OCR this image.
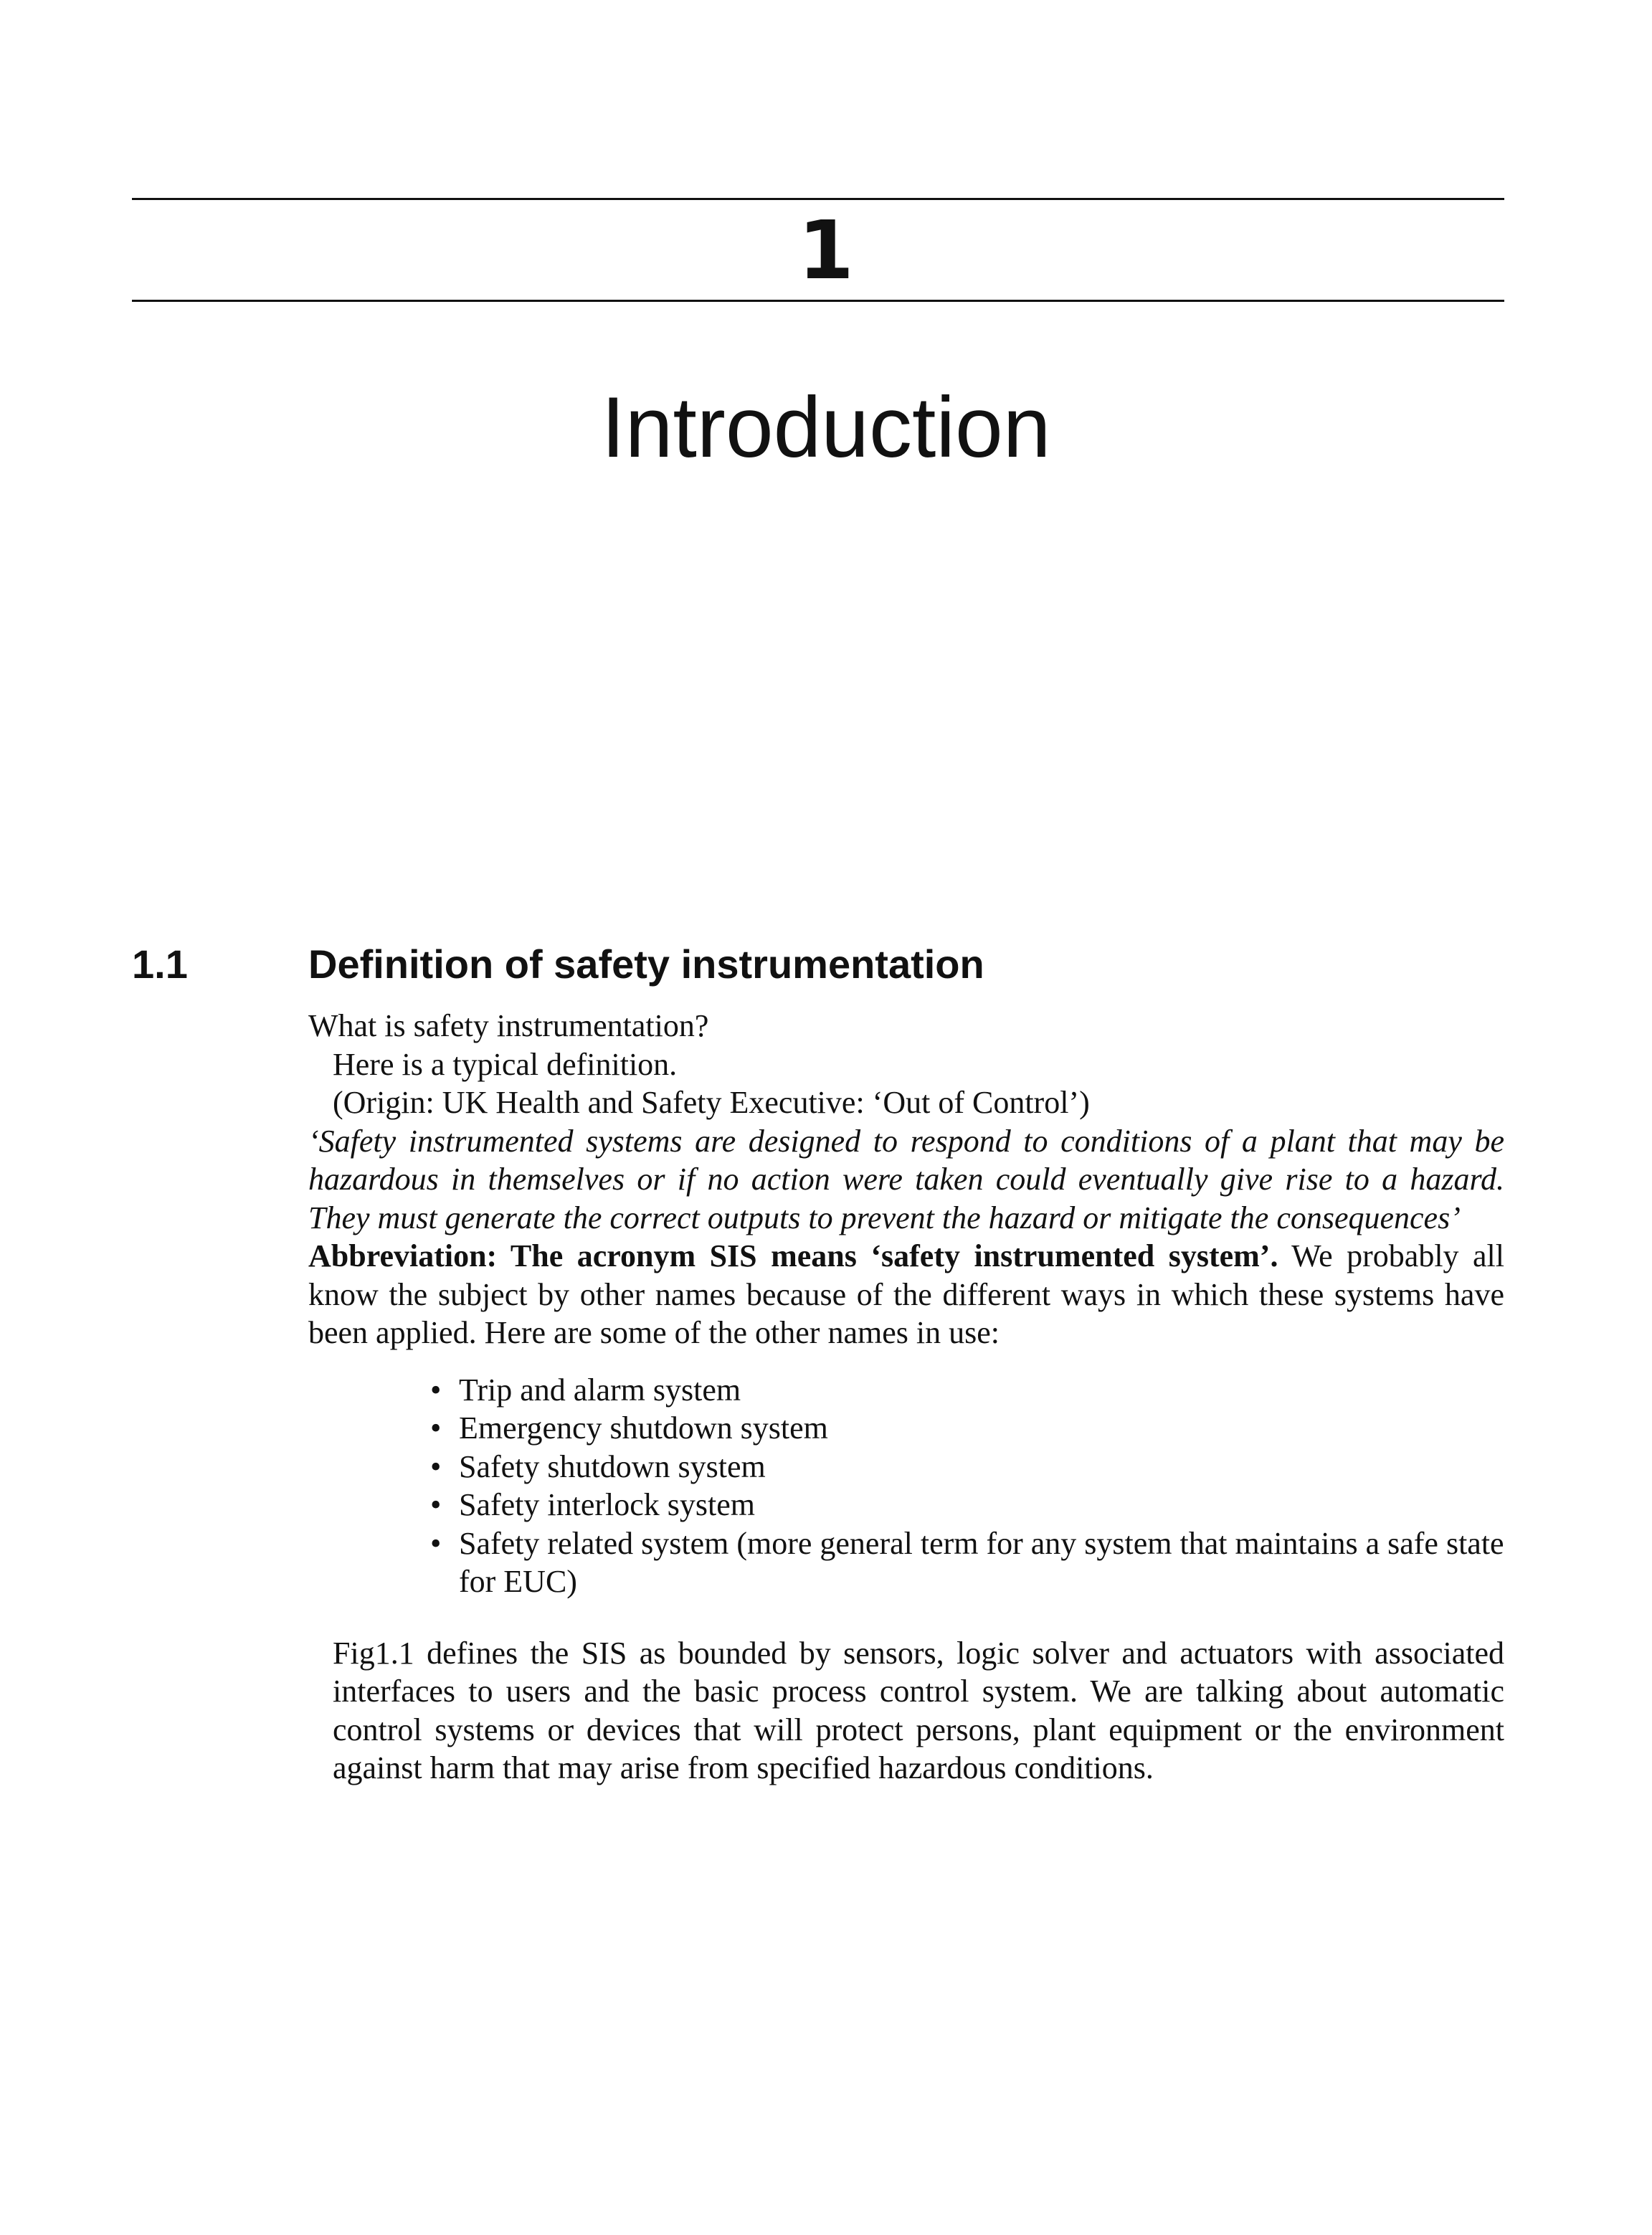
1
Introduction
1.1	Definition of safety instrumentation

What is safety instrumentation?

Here is a typical definition.

(Origin: UK Health and Safety Executive: ‘Out of Control’)

‘Safety instrumented systems are designed to respond to conditions of a plant that may be hazardous in themselves or if no action were taken could eventually give rise to a hazard. They must generate the correct outputs to prevent the hazard or mitigate the consequences’

Abbreviation: The acronym SIS means ‘safety instrumented system’. We probably all know the subject by other names because of the different ways in which these systems have been applied. Here are some of the other names in use:

• Trip and alarm system
• Emergency shutdown system
• Safety shutdown system
• Safety interlock system
• Safety related system (more general term for any system that maintains a safe state for EUC)

Fig1.1 defines the SIS as bounded by sensors, logic solver and actuators with associated interfaces to users and the basic process control system. We are talking about automatic control systems or devices that will protect persons, plant equipment or the environment against harm that may arise from specified hazardous conditions.
